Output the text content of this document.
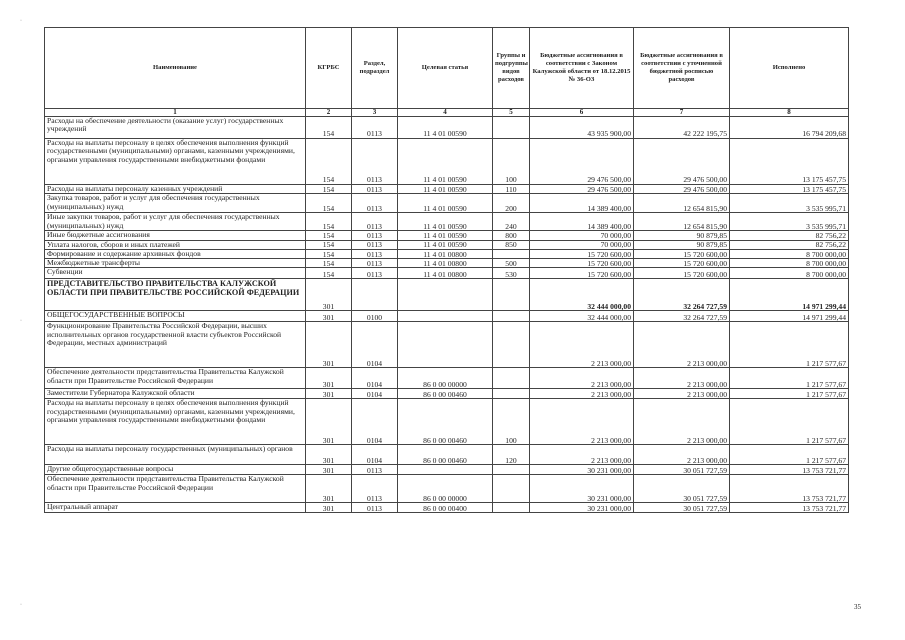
Наименование	КГРБС	Раздел, подраздел	Целевая статья	Группы и подгруппы видов расходов	Бюджетные ассигнования в соответствии с Законом Калужской области от 18.12.2015 № 36-ОЗ	Бюджетные ассигнования в соответствии с уточненной бюджетной росписью расходов	Исполнено
1	2	3	4	5	6	7	8
Расходы на обеспечение деятельности (оказание услуг) государственных учреждений	154	0113	11 4 01 00590		43 935 900,00	42 222 195,75	16 794 209,68
Расходы на выплаты персоналу в целях обеспечения выполнения функций государственными (муниципальными) органами, казенными учреждениями, органами управления государственными внебюджетными фондами	154	0113	11 4 01 00590	100	29 476 500,00	29 476 500,00	13 175 457,75
Расходы на выплаты персоналу казенных учреждений	154	0113	11 4 01 00590	110	29 476 500,00	29 476 500,00	13 175 457,75
Закупка товаров, работ и услуг для обеспечения государственных (муниципальных) нужд	154	0113	11 4 01 00590	200	14 389 400,00	12 654 815,90	3 535 995,71
Иные закупки товаров, работ и услуг для обеспечения государственных (муниципальных) нужд	154	0113	11 4 01 00590	240	14 389 400,00	12 654 815,90	3 535 995,71
Иные бюджетные ассигнования	154	0113	11 4 01 00590	800	70 000,00	90 879,85	82 756,22
Уплата налогов, сборов и иных платежей	154	0113	11 4 01 00590	850	70 000,00	90 879,85	82 756,22
Формирование и содержание архивных фондов	154	0113	11 4 01 00800		15 720 600,00	15 720 600,00	8 700 000,00
Межбюджетные трансферты	154	0113	11 4 01 00800	500	15 720 600,00	15 720 600,00	8 700 000,00
Субвенции	154	0113	11 4 01 00800	530	15 720 600,00	15 720 600,00	8 700 000,00
ПРЕДСТАВИТЕЛЬСТВО ПРАВИТЕЛЬСТВА КАЛУЖСКОЙ ОБЛАСТИ ПРИ ПРАВИТЕЛЬСТВЕ РОССИЙСКОЙ ФЕДЕРАЦИИ	301				32 444 000,00	32 264 727,59	14 971 299,44
ОБЩЕГОСУДАРСТВЕННЫЕ ВОПРОСЫ	301	0100			32 444 000,00	32 264 727,59	14 971 299,44
Функционирование Правительства Российской Федерации, высших исполнительных органов государственной власти субъектов Российской Федерации, местных администраций	301	0104			2 213 000,00	2 213 000,00	1 217 577,67
Обеспечение деятельности представительства Правительства Калужской области при Правительстве Российской Федерации	301	0104	86 0 00 00000		2 213 000,00	2 213 000,00	1 217 577,67
Заместители Губернатора Калужской области	301	0104	86 0 00 00460		2 213 000,00	2 213 000,00	1 217 577,67
Расходы на выплаты персоналу в целях обеспечения выполнения функций государственными (муниципальными) органами, казенными учреждениями, органами управления государственными внебюджетными фондами	301	0104	86 0 00 00460	100	2 213 000,00	2 213 000,00	1 217 577,67
Расходы на выплаты персоналу государственных (муниципальных) органов	301	0104	86 0 00 00460	120	2 213 000,00	2 213 000,00	1 217 577,67
Другие общегосударственные вопросы	301	0113			30 231 000,00	30 051 727,59	13 753 721,77
Обеспечение деятельности представительства Правительства Калужской области при Правительстве Российской Федерации	301	0113	86 0 00 00000		30 231 000,00	30 051 727,59	13 753 721,77
Центральный аппарат	301	0113	86 0 00 00400		30 231 000,00	30 051 727,59	13 753 721,77
·
·
·	35
